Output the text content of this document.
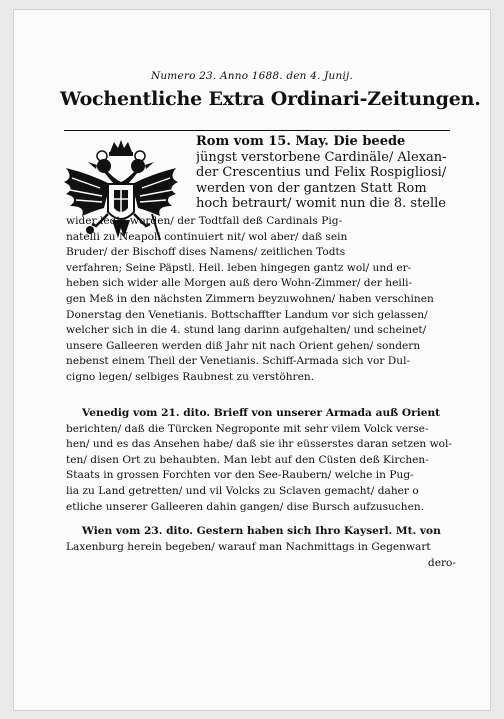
Numero 23. Anno 1688. den 4. Junij.
Wochentliche Extra Ordinari-Zeitungen.
Rom vom 15. May. Die beede
jüngst verstorbene Cardinäle/ Alexan-
der Crescentius und Felix Rospigliosi/
werden von der gantzen Statt Rom
hoch betraurt/ womit nun die 8. stelle
wider ledig worden/ der Todtfall deß Cardinals Pig-
natelli zu Neapoli continuiert nit/ wol aber/ daß sein
Bruder/ der Bischoff dises Namens/ zeitlichen Todts
verfahren; Seine Päpstl. Heil. leben hingegen gantz wol/ und er-
heben sich wider alle Morgen auß dero Wohn-Zimmer/ der heili-
gen Meß in den nächsten Zimmern beyzuwohnen/ haben verschinen
Donerstag den Venetianis. Bottschaffter Landum vor sich gelassen/
welcher sich in die 4. stund lang darinn aufgehalten/ und scheinet/
unsere Galleeren werden diß Jahr nit nach Orient gehen/ sondern
nebenst einem Theil der Venetianis. Schiff-Armada sich vor Dul-
cigno legen/ selbiges Raubnest zu verstöhren.
Venedig vom 21. dito. Brieff von unserer Armada auß Orient
berichten/ daß die Türcken Negroponte mit sehr vilem Volck verse-
hen/ und es das Ansehen habe/ daß sie ihr eüsserstes daran setzen wol-
ten/ disen Ort zu behaubten. Man lebt auf den Cüsten deß Kirchen-
Staats in grossen Forchten vor den See-Raubern/ welche in Pug-
lia zu Land getretten/ und vil Volcks zu Sclaven gemacht/ daher o
etliche unserer Galleeren dahin gangen/ dise Bursch aufzusuchen.
Wien vom 23. dito. Gestern haben sich Ihro Kayserl. Mt. von
Laxenburg herein begeben/ warauf man Nachmittags in Gegenwart
dero-
